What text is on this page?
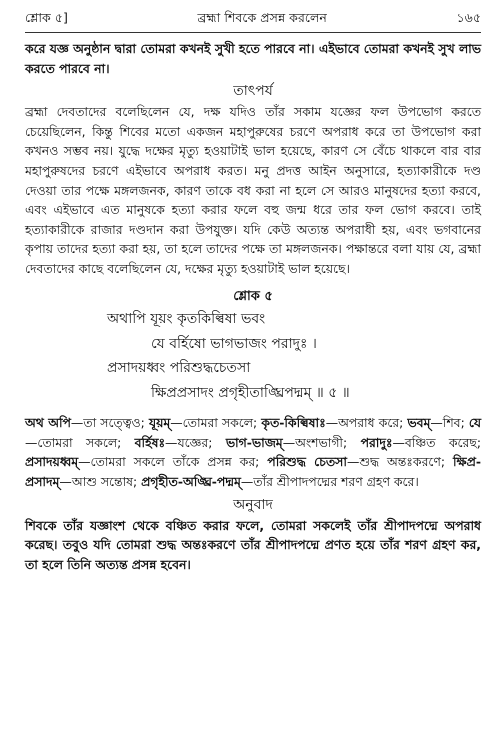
শ্লোক ৫]	ব্রহ্মা শিবকে প্রসন্ন করলেন	১৬৫

করে যজ্ঞ অনুষ্ঠান দ্বারা তোমরা কখনই সুখী হতে পারবে না। এইভাবে তোমরা কখনই সুখ লাভ করতে পারবে না।

তাৎপর্য

ব্রহ্মা দেবতাদের বলেছিলেন যে, দক্ষ যদিও তাঁর সকাম যজ্ঞের ফল উপভোগ করতে চেয়েছিলেন, কিন্তু শিবের মতো একজন মহাপুরুষের চরণে অপরাধ করে তা উপভোগ করা কখনও সম্ভব নয়। যুদ্ধে দক্ষের মৃত্যু হওয়াটাই ভাল হয়েছে, কারণ সে বেঁচে থাকলে বার বার মহাপুরুষদের চরণে এইভাবে অপরাধ করত। মনু প্রদত্ত আইন অনুসারে, হত্যাকারীকে দণ্ড দেওয়া তার পক্ষে মঙ্গলজনক, কারণ তাকে বধ করা না হলে সে আরও মানুষদের হত্যা করবে, এবং এইভাবে এত মানুষকে হত্যা করার ফলে বহু জন্ম ধরে তার ফল ভোগ করবে। তাই হত্যাকারীকে রাজার দণ্ডদান করা উপযুক্ত। যদি কেউ অত্যন্ত অপরাধী হয়, এবং ভগবানের কৃপায় তাদের হত্যা করা হয়, তা হলে তাদের পক্ষে তা মঙ্গলজনক। পক্ষান্তরে বলা যায় যে, ব্রহ্মা দেবতাদের কাছে বলেছিলেন যে, দক্ষের মৃত্যু হওয়াটাই ভাল হয়েছে।

শ্লোক ৫

অথাপি যূয়ং কৃতকিল্বিষা ভবং

যে বর্হিষো ভাগভাজং পরাদুঃ ।

প্রসাদয়ধ্বং পরিশুদ্ধচেতসা

ক্ষিপ্রপ্রসাদং প্রগৃহীতাঙ্ঘ্রিপদ্মম্ ॥ ৫ ॥

অথ অপি—তা সত্ত্বেও; যূয়ম্—তোমরা সকলে; কৃত-কিল্বিষাঃ—অপরাধ করে; ভবম্—শিব; যে—তোমরা সকলে; বর্হিষঃ—যজ্ঞের; ভাগ-ভাজম্—অংশভাগী; পরাদুঃ—বঞ্চিত করেছ; প্রসাদয়ধ্বম্—তোমরা সকলে তাঁকে প্রসন্ন কর; পরিশুদ্ধ চেতসা—শুদ্ধ অন্তঃকরণে; ক্ষিপ্র-প্রসাদম্—আশু সন্তোষ; প্রগৃহীত-অঙ্ঘ্রি-পদ্মম্—তাঁর শ্রীপাদপদ্মের শরণ গ্রহণ করে।

অনুবাদ

শিবকে তাঁর যজ্ঞাংশ থেকে বঞ্চিত করার ফলে, তোমরা সকলেই তাঁর শ্রীপাদপদ্মে অপরাধ করেছ। তবুও যদি তোমরা শুদ্ধ অন্তঃকরণে তাঁর শ্রীপাদপদ্মে প্রণত হয়ে তাঁর শরণ গ্রহণ কর, তা হলে তিনি অত্যন্ত প্রসন্ন হবেন।
